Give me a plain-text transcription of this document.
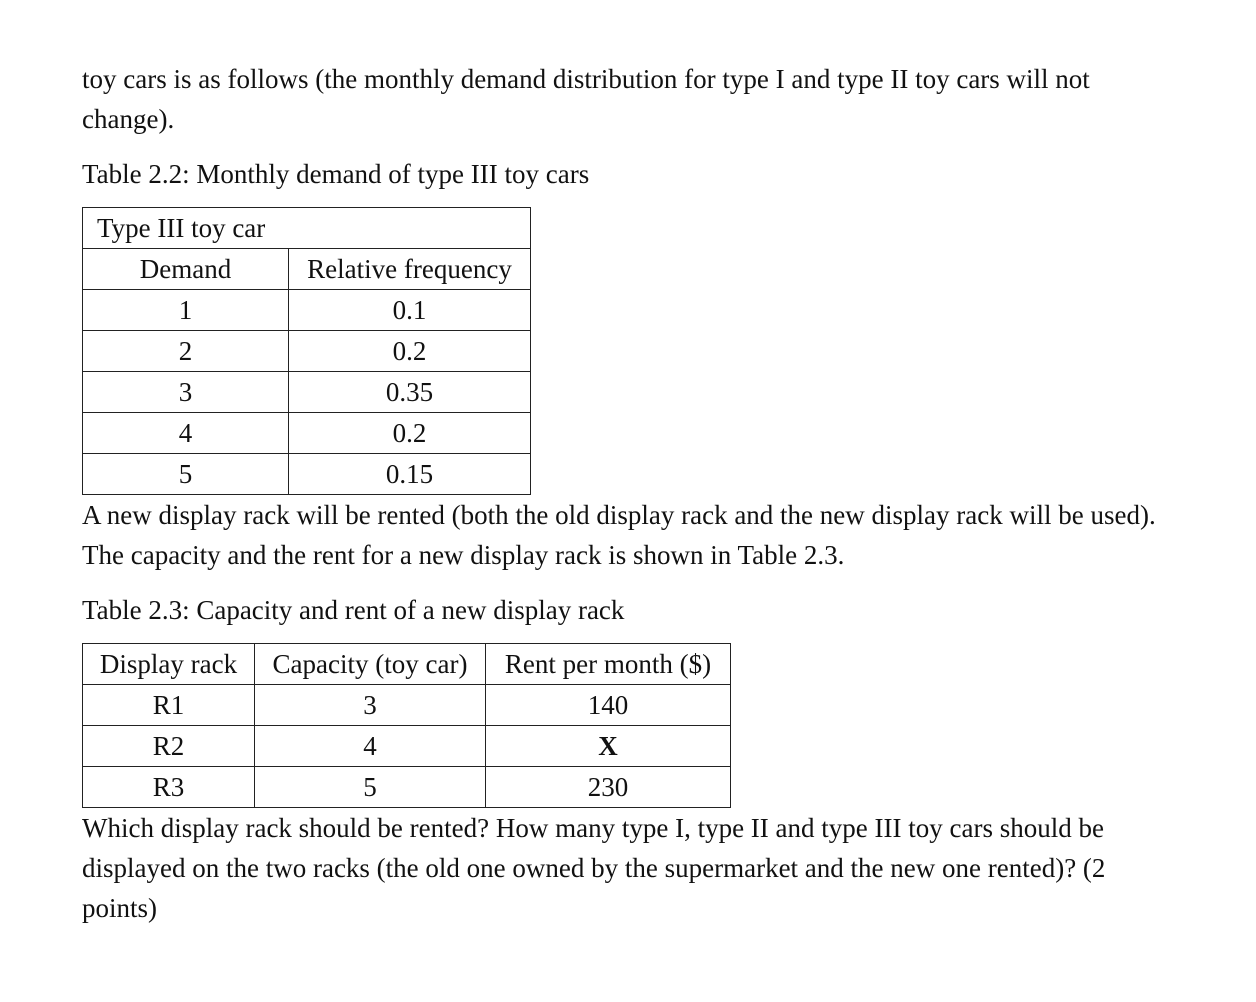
toy cars is as follows (the monthly demand distribution for type I and type II toy cars will not change).

Table 2.2: Monthly demand of type III toy cars

Type III toy car	
Demand	Relative frequency
1	0.1
2	0.2
3	0.35
4	0.2
5	0.15

A new display rack will be rented (both the old display rack and the new display rack will be used). The capacity and the rent for a new display rack is shown in Table 2.3.

Table 2.3: Capacity and rent of a new display rack

Display rack	Capacity (toy car)	Rent per month ($)
R1	3	140
R2	4	X
R3	5	230

Which display rack should be rented? How many type I, type II and type III toy cars should be displayed on the two racks (the old one owned by the supermarket and the new one rented)? (2 points)
